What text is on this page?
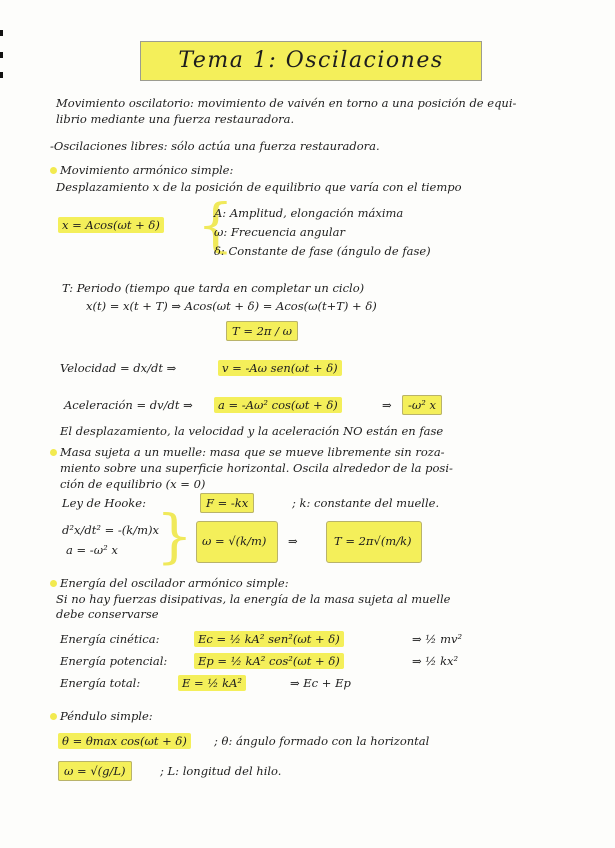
Tema 1: Oscilaciones
Movimiento oscilatorio: movimiento de vaivén en torno a una posición de equi-
librio mediante una fuerza restauradora.
-Oscilaciones libres: sólo actúa una fuerza restauradora.
Movimiento armónico simple:
Desplazamiento x de la posición de equilibrio que varía con el tiempo
x = Acos(ωt + δ) {
A: Amplitud, elongación máxima
ω: Frecuencia angular
δ: Constante de fase (ángulo de fase)
T: Periodo (tiempo que tarda en completar un ciclo)
x(t) = x(t + T) ⇒ Acos(ωt + δ) = Acos(ω(t+T) + δ)
T = 2π / ω
Velocidad = dx/dt ⇒	v = -Aω sen(ωt + δ)
Aceleración = dv/dt ⇒	a = -Aω² cos(ωt + δ)	⇒	-ω² x
El desplazamiento, la velocidad y la aceleración NO están en fase
Masa sujeta a un muelle: masa que se mueve libremente sin roza-
miento sobre una superficie horizontal. Oscila alrededor de la posi-
ción de equilibrio (x = 0)
Ley de Hooke:	F = -kx	; k: constante del muelle.
d²x/dt² = -(k/m)x
a = -ω² x } ω = √(k/m) ⇒	T = 2π√(m/k)
Energía del oscilador armónico simple:
Si no hay fuerzas disipativas, la energía de la masa sujeta al muelle
debe conservarse
Energía cinética:	Ec = ½ kA² sen²(ωt + δ)	⇒ ½ mv²
Energía potencial:	Ep = ½ kA² cos²(ωt + δ)	⇒ ½ kx²
Energía total:	E = ½ kA²	⇒ Ec + Ep
Péndulo simple:
θ = θmax cos(ωt + δ)	; θ: ángulo formado con la horizontal
ω = √(g/L)	; L: longitud del hilo.
